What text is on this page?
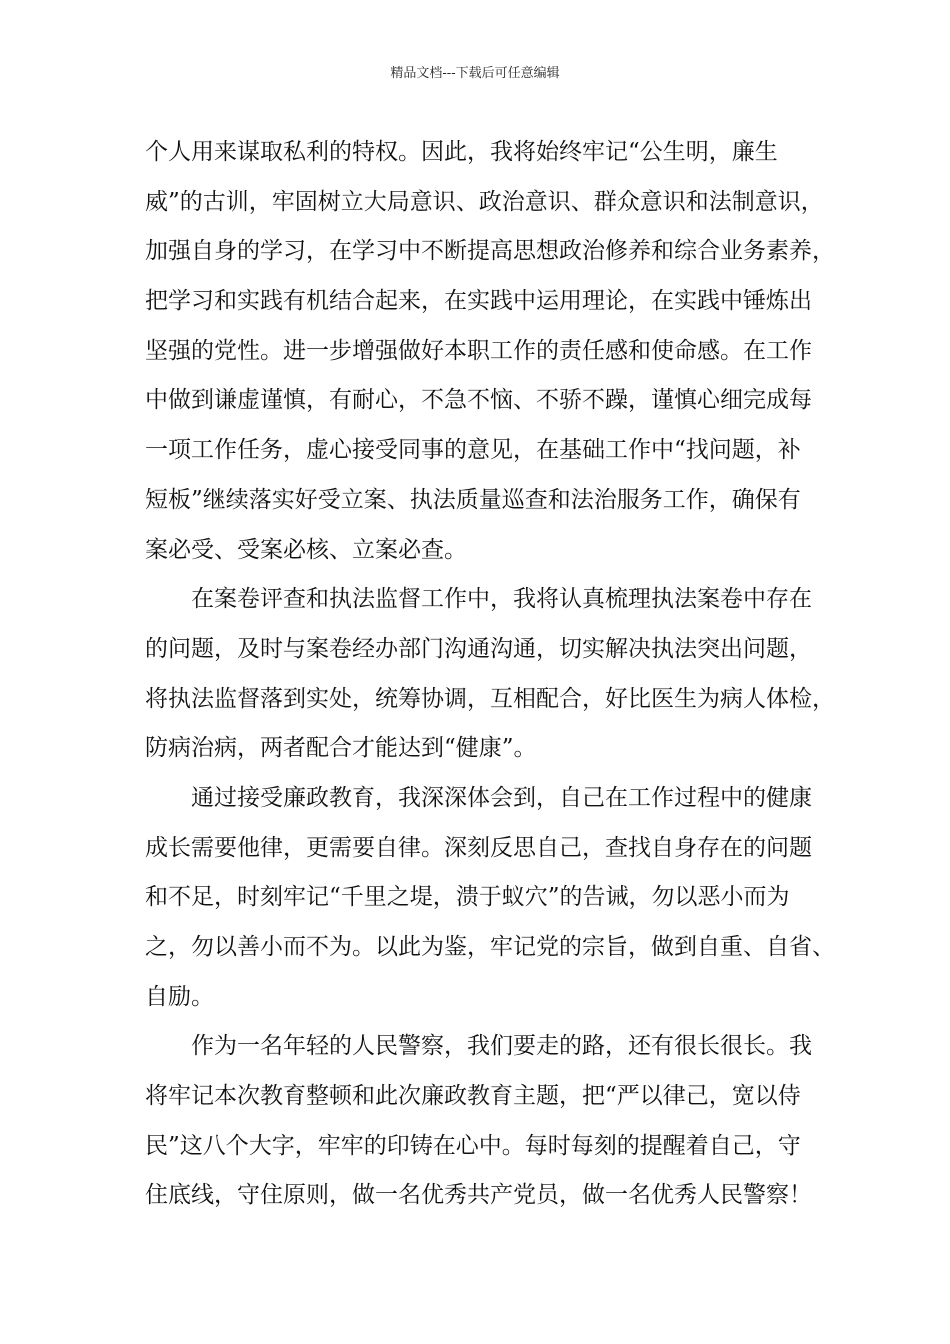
精品文档---下载后可任意编辑
个人用来谋取私利的特权。因此，我将始终牢记“公生明，廉生
威”的古训，牢固树立大局意识、政治意识、群众意识和法制意识，
加强自身的学习，在学习中不断提高思想政治修养和综合业务素养，
把学习和实践有机结合起来，在实践中运用理论，在实践中锤炼出
坚强的党性。进一步增强做好本职工作的责任感和使命感。在工作
中做到谦虚谨慎，有耐心，不急不恼、不骄不躁，谨慎心细完成每
一项工作任务，虚心接受同事的意见，在基础工作中“找问题，补
短板”继续落实好受立案、执法质量巡查和法治服务工作，确保有
案必受、受案必核、立案必查。
在案卷评查和执法监督工作中，我将认真梳理执法案卷中存在
的问题，及时与案卷经办部门沟通沟通，切实解决执法突出问题，
将执法监督落到实处，统筹协调，互相配合，好比医生为病人体检，
防病治病，两者配合才能达到“健康”。
通过接受廉政教育，我深深体会到，自己在工作过程中的健康
成长需要他律，更需要自律。深刻反思自己，查找自身存在的问题
和不足，时刻牢记“千里之堤，溃于蚁穴”的告诫，勿以恶小而为
之，勿以善小而不为。以此为鉴，牢记党的宗旨，做到自重、自省、
自励。
作为一名年轻的人民警察，我们要走的路，还有很长很长。我
将牢记本次教育整顿和此次廉政教育主题，把“严以律己，宽以侍
民”这八个大字，牢牢的印铸在心中。每时每刻的提醒着自己，守
住底线，守住原则，做一名优秀共产党员，做一名优秀人民警察！
